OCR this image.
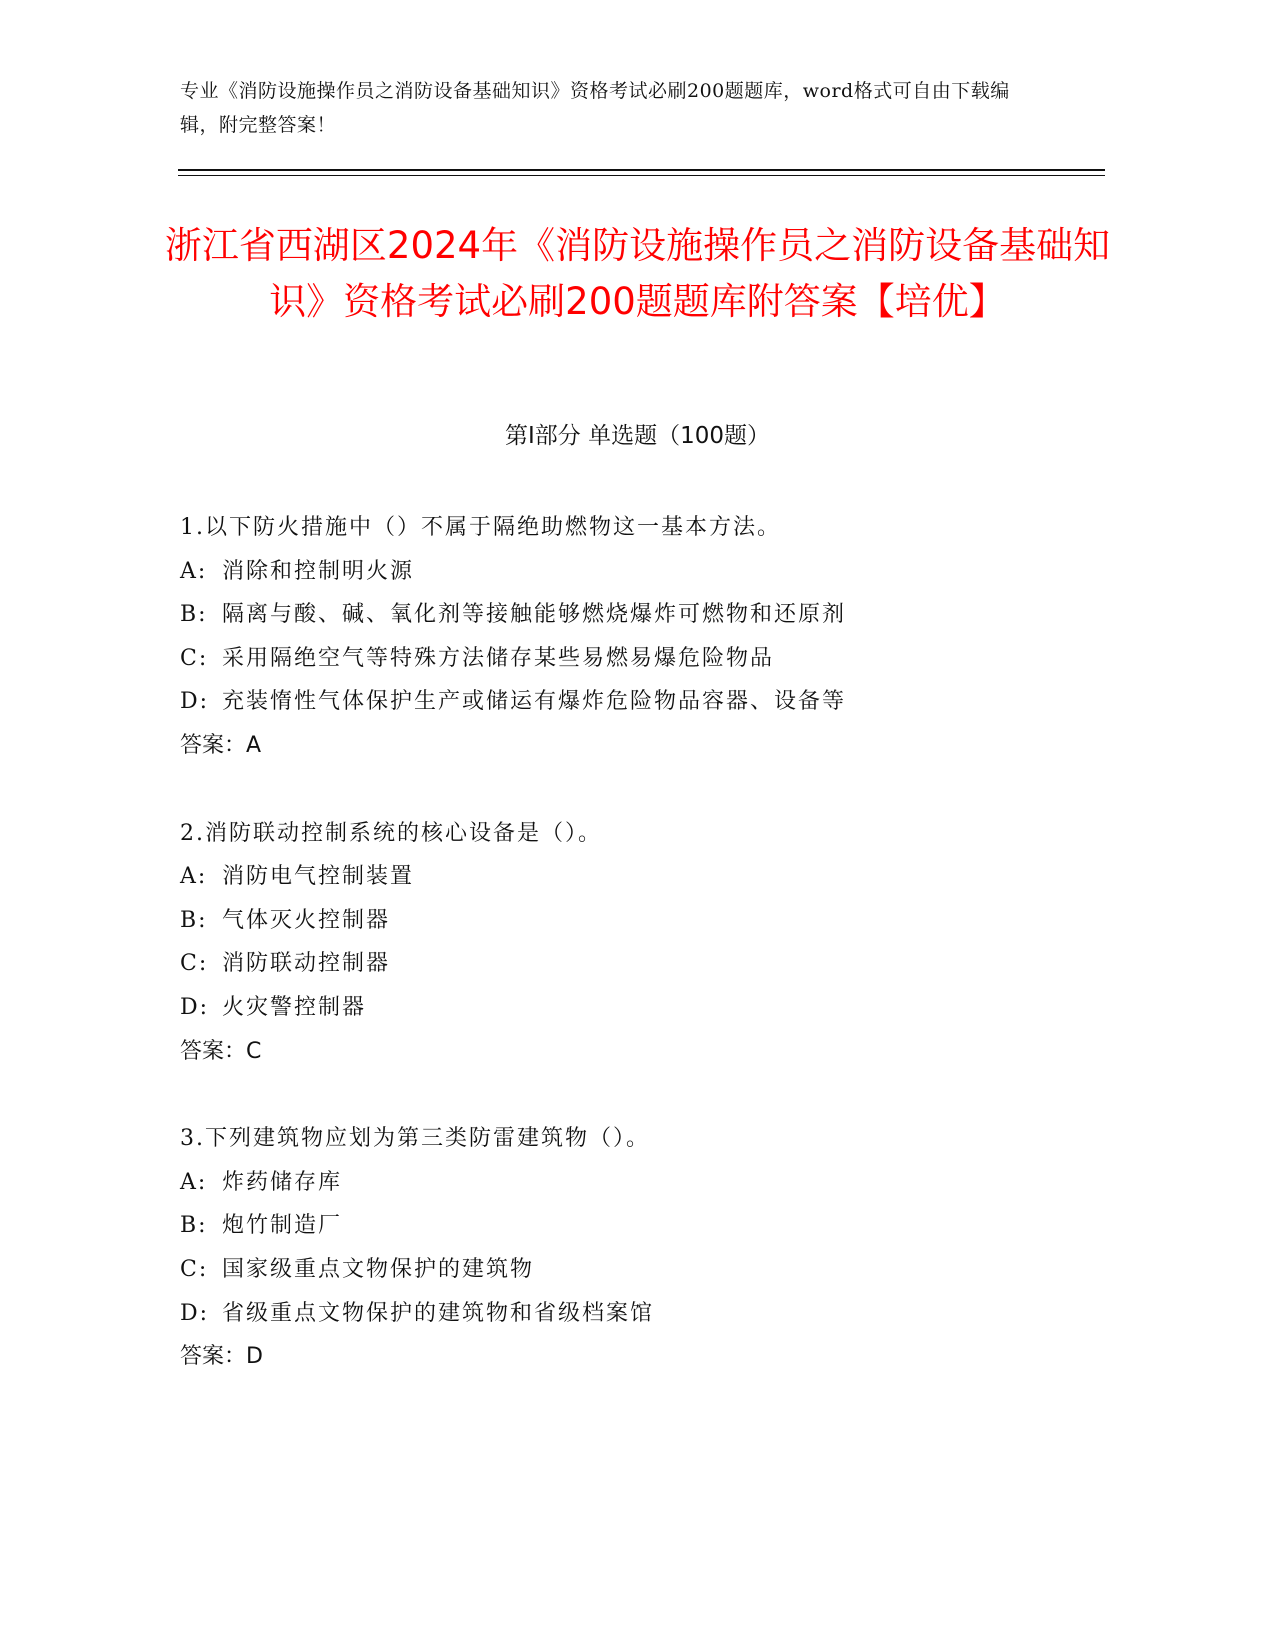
专业《消防设施操作员之消防设备基础知识》资格考试必刷200题题库，word格式可自由下载编辑，附完整答案！
浙江省西湖区2024年《消防设施操作员之消防设备基础知识》资格考试必刷200题题库附答案【培优】
第Ⅰ部分 单选题（100题）
1.以下防火措施中（）不属于隔绝助燃物这一基本方法。
A: 消除和控制明火源
B: 隔离与酸、碱、氧化剂等接触能够燃烧爆炸可燃物和还原剂
C: 采用隔绝空气等特殊方法储存某些易燃易爆危险物品
D: 充装惰性气体保护生产或储运有爆炸危险物品容器、设备等
答案：A
2.消防联动控制系统的核心设备是（）。
A: 消防电气控制装置
B: 气体灭火控制器
C: 消防联动控制器
D: 火灾警控制器
答案：C
3.下列建筑物应划为第三类防雷建筑物（）。
A: 炸药储存库
B: 炮竹制造厂
C: 国家级重点文物保护的建筑物
D: 省级重点文物保护的建筑物和省级档案馆
答案：D
